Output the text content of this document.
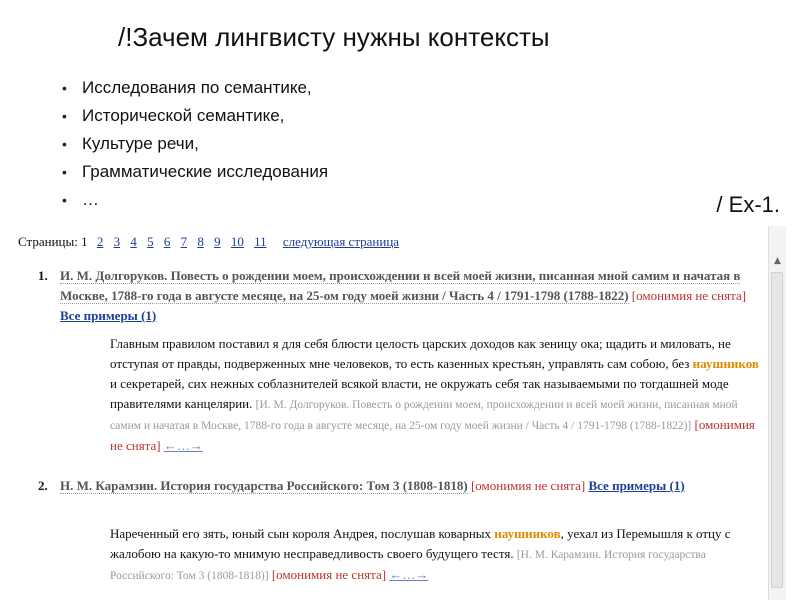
/!Зачем лингвисту нужны контексты
• Исследования по семантике,
• Исторической семантике,
• Культуре речи,
• Грамматические исследования
• …	/ Ex-1.
Страницы: 1 2 3 4 5 6 7 8 9 10 11 следующая страница
1. И. М. Долгоруков. Повесть о рождении моем, происхождении и всей моей жизни, писанная мной самим и начатая в Москве, 1788-го года в августе месяце, на 25-ом году моей жизни / Часть 4 / 1791-1798 (1788-1822) [омонимия не снята] Все примеры (1)
Главным правилом поставил я для себя блюсти целость царских доходов как зеницу ока; щадить и миловать, не отступая от правды, подверженных мне человеков, то есть казенных крестьян, управлять сам собою, без наушников и секретарей, сих нежных соблазнителей всякой власти, не окружать себя так называемыми по тогдашней моде правителями канцелярии. [И. М. Долгоруков. Повесть о рождении моем, происхождении и всей моей жизни, писанная мной самим и начатая в Москве, 1788-го года в августе месяце, на 25-ом году моей жизни / Часть 4 / 1791-1798 (1788-1822)] [омонимия не снята] ←…→
2. Н. М. Карамзин. История государства Российского: Том 3 (1808-1818) [омонимия не снята] Все примеры (1)
Нареченный его зять, юный сын короля Андрея, послушав коварных наушников, уехал из Перемышля к отцу с жалобою на какую-то мнимую несправедливость своего будущего тестя. [Н. М. Карамзин. История государства Российского: Том 3 (1808-1818)] [омонимия не снята] ←…→
▲
